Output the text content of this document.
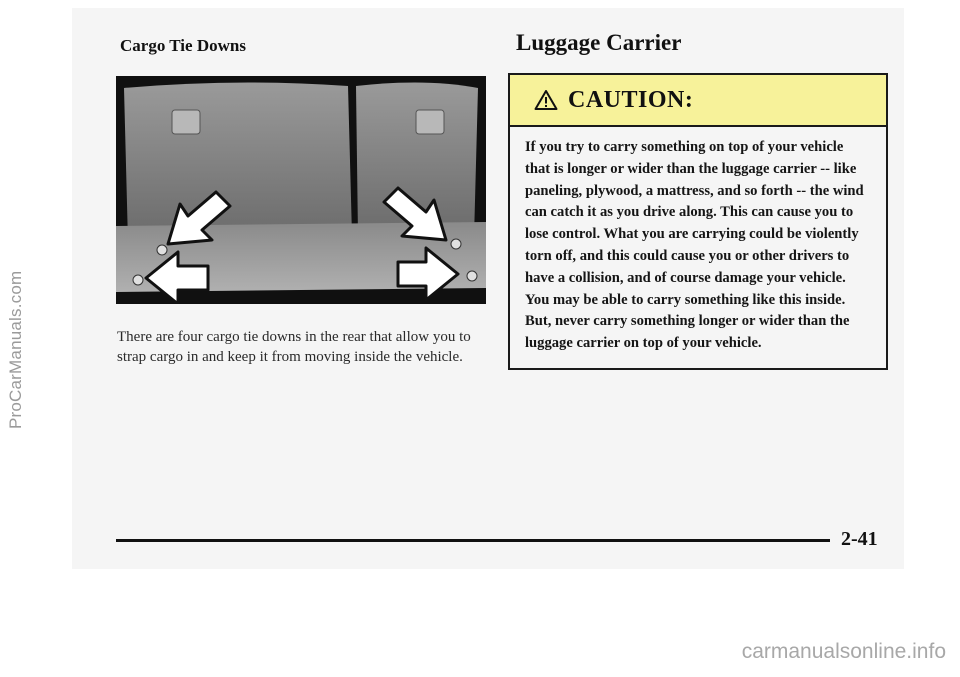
ProCarManuals.com
Cargo Tie Downs	Luggage Carrier
There are four cargo tie downs in the rear that allow you to strap cargo in and keep it from moving inside the vehicle.
CAUTION:
If you try to carry something on top of your vehicle that is longer or wider than the luggage carrier -- like paneling, plywood, a mattress, and so forth -- the wind can catch it as you drive along. This can cause you to lose control. What you are carrying could be violently torn off, and this could cause you or other drivers to have a collision, and of course damage your vehicle. You may be able to carry something like this inside. But, never carry something longer or wider than the luggage carrier on top of your vehicle.
2-41
carmanualsonline.info
